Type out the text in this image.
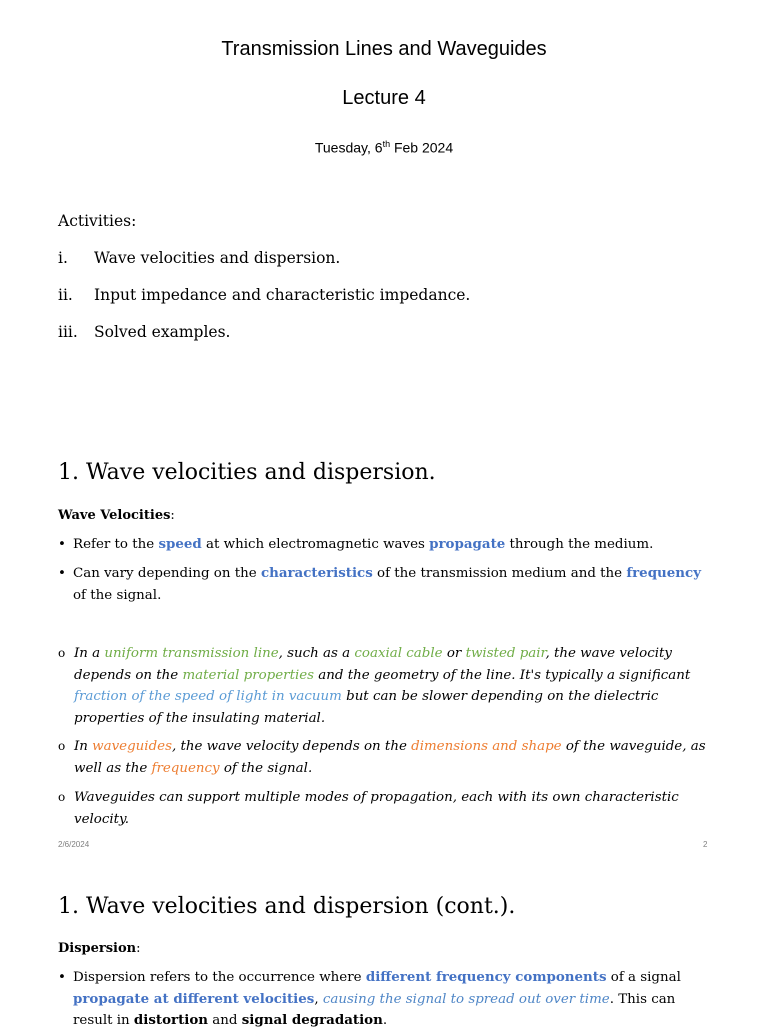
Transmission Lines and Waveguides
Lecture 4
Tuesday, 6th Feb 2024
Activities:
i. Wave velocities and dispersion.
ii. Input impedance and characteristic impedance.
iii. Solved examples.
1. Wave velocities and dispersion.
Wave Velocities:
• Refer to the speed at which electromagnetic waves propagate through the medium.
• Can vary depending on the characteristics of the transmission medium and the frequency of the signal.
o In a uniform transmission line, such as a coaxial cable or twisted pair, the wave velocity depends on the material properties and the geometry of the line. It's typically a significant fraction of the speed of light in vacuum but can be slower depending on the dielectric properties of the insulating material.
o In waveguides, the wave velocity depends on the dimensions and shape of the waveguide, as well as the frequency of the signal.
o Waveguides can support multiple modes of propagation, each with its own characteristic velocity.
2/6/2024	2
1. Wave velocities and dispersion (cont.).
Dispersion:
• Dispersion refers to the occurrence where different frequency components of a signal propagate at different velocities, causing the signal to spread out over time. This can result in distortion and signal degradation.
